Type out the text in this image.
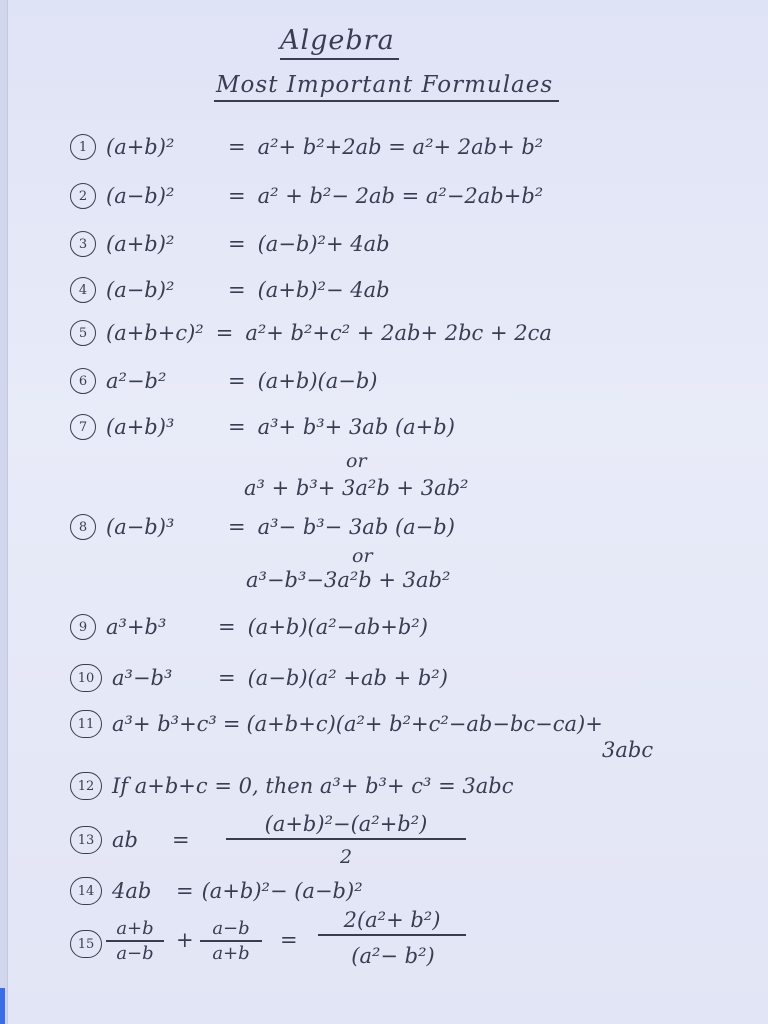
Algebra
Most Important Formulaes
1 (a+b)²	= a²+ b²+2ab = a²+ 2ab+ b²
2 (a−b)²	= a² + b²− 2ab = a²−2ab+b²
3 (a+b)²	= (a−b)²+ 4ab
4 (a−b)²	= (a+b)²− 4ab
5 (a+b+c)² = a²+ b²+c² + 2ab+ 2bc + 2ca
6 a²−b²	= (a+b)(a−b)
7 (a+b)³	= a³+ b³+ 3ab (a+b)
or
a³ + b³+ 3a²b + 3ab²
8 (a−b)³	= a³− b³− 3ab (a−b)
or
a³−b³−3a²b + 3ab²
9 a³+b³	= (a+b)(a²−ab+b²)
10 a³−b³	= (a−b)(a² +ab + b²)
11 a³+ b³+c³ = (a+b+c)(a²+ b²+c²−ab−bc−ca)+
3abc
12 If a+b+c = 0, then a³+ b³+ c³ = 3abc
13 ab	=
(a+b)²−(a²+b²)
2
14 4ab	= (a+b)²− (a−b)²
$15 \frac{a+b}{a-b} + \frac{a-b}{a+b}$ =
2(a²+ b²)
(a²− b²)
